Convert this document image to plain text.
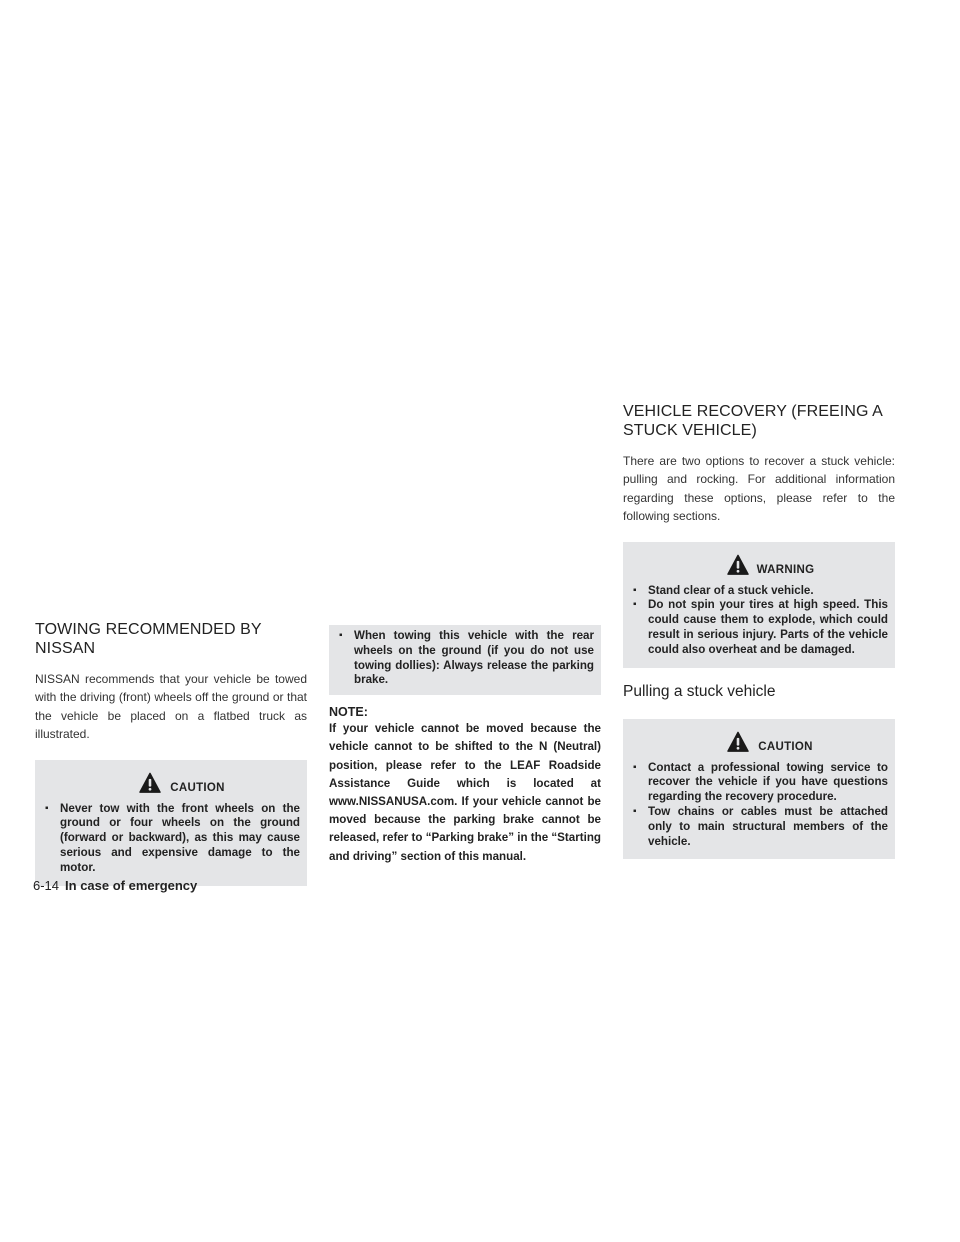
TOWING RECOMMENDED BY NISSAN

NISSAN recommends that your vehicle be towed with the driving (front) wheels off the ground or that the vehicle be placed on a flatbed truck as illustrated.

CAUTION
▪ Never tow with the front wheels on the ground or four wheels on the ground (forward or backward), as this may cause serious and expensive damage to the motor.
▪ When towing this vehicle with the rear wheels on the ground (if you do not use towing dollies): Always release the parking brake.
NOTE:
If your vehicle cannot be moved because the vehicle cannot to be shifted to the N (Neutral) position, please refer to the LEAF Roadside Assistance Guide which is located at www.NISSANUSA.com. If your vehicle cannot be moved because the parking brake cannot be released, refer to “Parking brake” in the “Starting and driving” section of this manual.
VEHICLE RECOVERY (FREEING A STUCK VEHICLE)

There are two options to recover a stuck vehicle: pulling and rocking. For additional information regarding these options, please refer to the following sections.

WARNING
▪ Stand clear of a stuck vehicle.
▪ Do not spin your tires at high speed. This could cause them to explode, which could result in serious injury. Parts of the vehicle could also overheat and be damaged.
Pulling a stuck vehicle
CAUTION
▪ Contact a professional towing service to recover the vehicle if you have questions regarding the recovery procedure.
▪ Tow chains or cables must be attached only to main structural members of the vehicle.
6-14 In case of emergency
